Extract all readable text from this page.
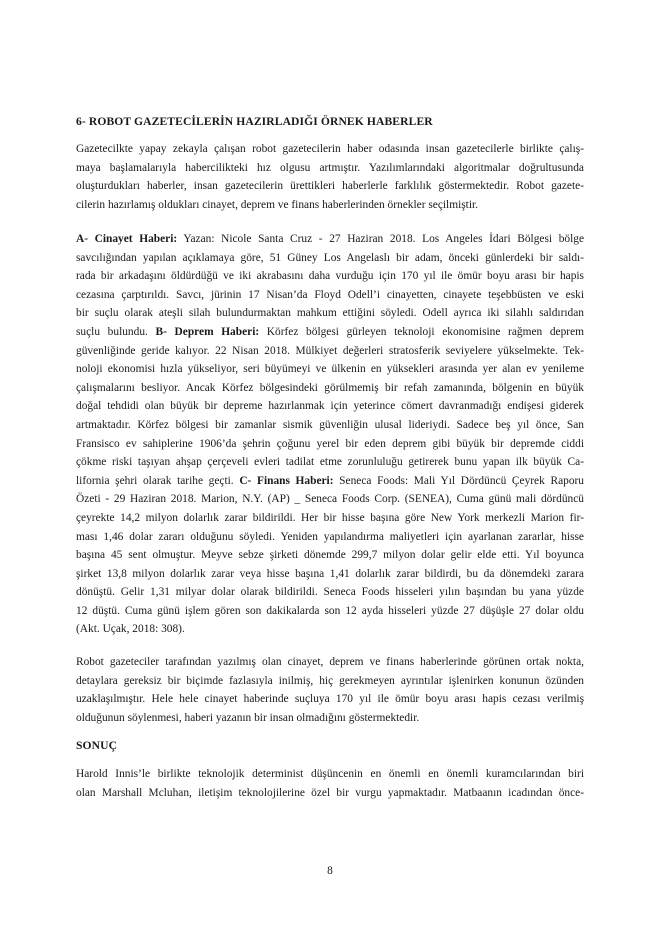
6- ROBOT GAZETECİLERİN HAZIRLADIĞI ÖRNEK HABERLER
Gazetecilkte yapay zekayla çalışan robot gazetecilerin haber odasında insan gazetecilerle birlikte çalış-
maya başlamalarıyla habercilikteki hız olgusu artmıştır. Yazılımlarındaki algoritmalar doğrultusunda
oluşturdukları haberler, insan gazetecilerin ürettikleri haberlerle farklılık göstermektedir. Robot gazete-
cilerin hazırlamış oldukları cinayet, deprem ve finans haberlerinden örnekler seçilmiştir.
A- Cinayet Haberi: Yazan: Nicole Santa Cruz - 27 Haziran 2018. Los Angeles İdari Bölgesi bölge
savcılığından yapılan açıklamaya göre, 51 Güney Los Angelaslı bir adam, önceki günlerdeki bir saldı-
rada bir arkadaşını öldürdüğü ve iki akrabasını daha vurduğu için 170 yıl ile ömür boyu arası bir hapis
cezasına çarptırıldı. Savcı, jürinin 17 Nisan’da Floyd Odell’i cinayetten, cinayete teşebbüsten ve eski
bir suçlu olarak ateşli silah bulundurmaktan mahkum ettiğini söyledi. Odell ayrıca iki silahlı saldırıdan
suçlu bulundu. B- Deprem Haberi: Körfez bölgesi gürleyen teknoloji ekonomisine rağmen deprem
güvenliğinde geride kalıyor. 22 Nisan 2018. Mülkiyet değerleri stratosferik seviyelere yükselmekte. Tek-
noloji ekonomisi hızla yükseliyor, seri büyümeyi ve ülkenin en yüksekleri arasında yer alan ev yenileme
çalışmalarını besliyor. Ancak Körfez bölgesindeki görülmemiş bir refah zamanında, bölgenin en büyük
doğal tehdidi olan büyük bir depreme hazırlanmak için yeterince cömert davranmadığı endişesi giderek
artmaktadır. Körfez bölgesi bir zamanlar sismik güvenliğin ulusal lideriydi. Sadece beş yıl önce, San
Fransisco ev sahiplerine 1906’da şehrin çoğunu yerel bir eden deprem gibi büyük bir depremde ciddi
çökme riski taşıyan ahşap çerçeveli evleri tadilat etme zorunluluğu getirerek bunu yapan ilk büyük Ca-
lifornia şehri olarak tarihe geçti. C- Finans Haberi: Seneca Foods: Mali Yıl Dördüncü Çeyrek Raporu
Özeti - 29 Haziran 2018. Marion, N.Y. (AP) _ Seneca Foods Corp. (SENEA), Cuma günü mali dördüncü
çeyrekte 14,2 milyon dolarlık zarar bildirildi. Her bir hisse başına göre New York merkezli Marion fir-
ması 1,46 dolar zararı olduğunu söyledi. Yeniden yapılandırma maliyetleri için ayarlanan zararlar, hisse
başına 45 sent olmuştur. Meyve sebze şirketi dönemde 299,7 milyon dolar gelir elde etti. Yıl boyunca
şirket 13,8 milyon dolarlık zarar veya hisse başına 1,41 dolarlık zarar bildirdi, bu da dönemdeki zarara
dönüştü. Gelir 1,31 milyar dolar olarak bildirildi. Seneca Foods hisseleri yılın başından bu yana yüzde
12 düştü. Cuma günü işlem gören son dakikalarda son 12 ayda hisseleri yüzde 27 düşüşle 27 dolar oldu
(Akt. Uçak, 2018: 308).
Robot gazeteciler tarafından yazılmış olan cinayet, deprem ve finans haberlerinde görünen ortak nokta,
detaylara gereksiz bir biçimde fazlasıyla inilmiş, hiç gerekmeyen ayrıntılar işlenirken konunun özünden
uzaklaşılmıştır. Hele hele cinayet haberinde suçluya 170 yıl ile ömür boyu arası hapis cezası verilmiş
olduğunun söylenmesi, haberi yazanın bir insan olmadığını göstermektedir.
SONUÇ
Harold Innis’le birlikte teknolojik determinist düşüncenin en önemli en önemli kuramcılarından biri
olan Marshall Mcluhan, iletişim teknolojilerine özel bir vurgu yapmaktadır. Matbaanın icadından önce-
8
